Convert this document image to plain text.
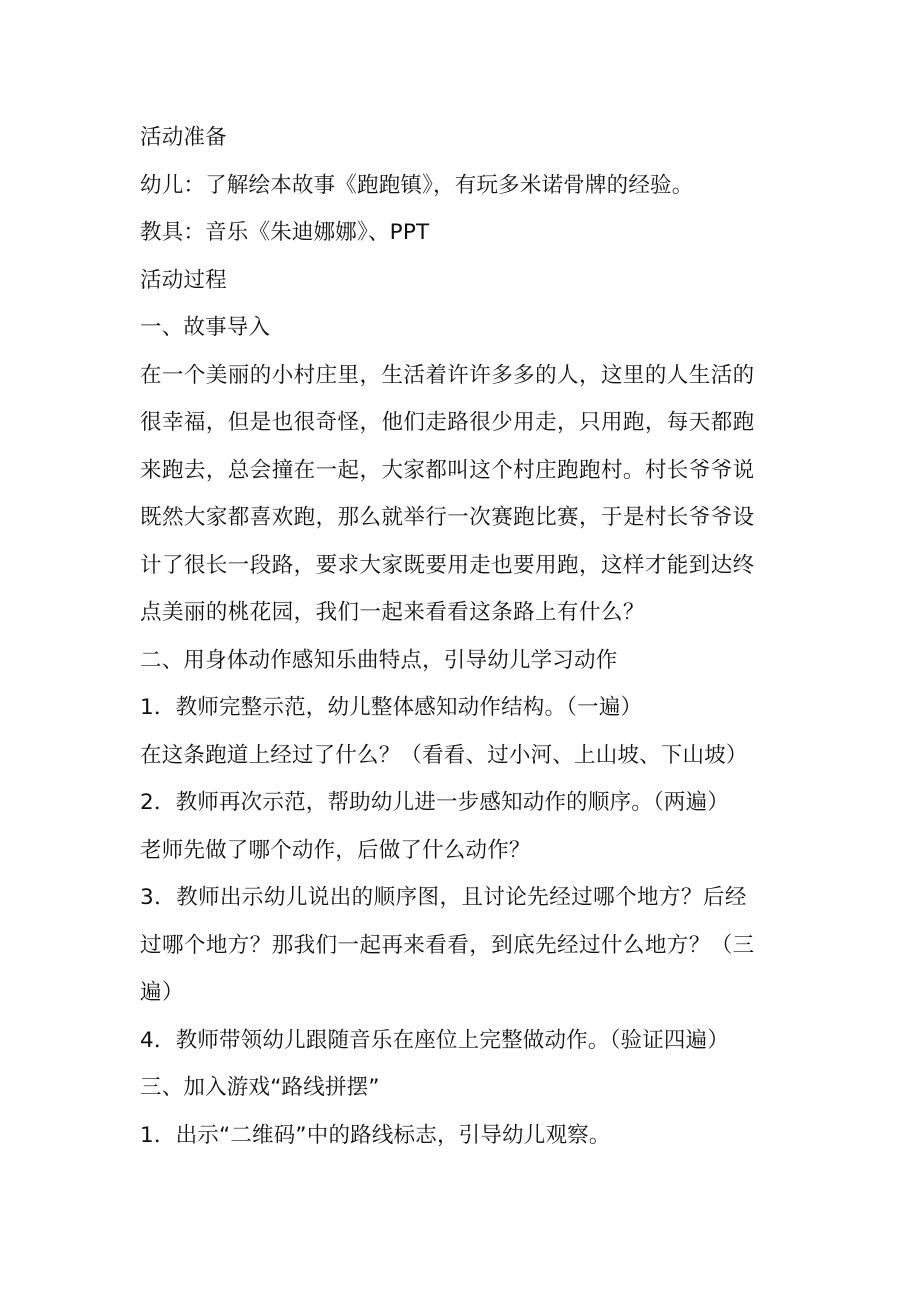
活动准备
幼儿：了解绘本故事《跑跑镇》，有玩多米诺骨牌的经验。
教具：音乐《朱迪娜娜》、PPT
活动过程
一、故事导入
在一个美丽的小村庄里，生活着许许多多的人，这里的人生活的
很幸福，但是也很奇怪，他们走路很少用走，只用跑，每天都跑
来跑去，总会撞在一起，大家都叫这个村庄跑跑村。村长爷爷说
既然大家都喜欢跑，那么就举行一次赛跑比赛，于是村长爷爷设
计了很长一段路，要求大家既要用走也要用跑，这样才能到达终
点美丽的桃花园，我们一起来看看这条路上有什么？
二、用身体动作感知乐曲特点，引导幼儿学习动作
1．教师完整示范，幼儿整体感知动作结构。（一遍）
在这条跑道上经过了什么？（看看、过小河、上山坡、下山坡）
2．教师再次示范，帮助幼儿进一步感知动作的顺序。（两遍）
老师先做了哪个动作，后做了什么动作？
3．教师出示幼儿说出的顺序图，且讨论先经过哪个地方？后经
过哪个地方？那我们一起再来看看，到底先经过什么地方？（三
遍）
4．教师带领幼儿跟随音乐在座位上完整做动作。（验证四遍）
三、加入游戏“路线拼摆”
1．出示“二维码”中的路线标志，引导幼儿观察。
